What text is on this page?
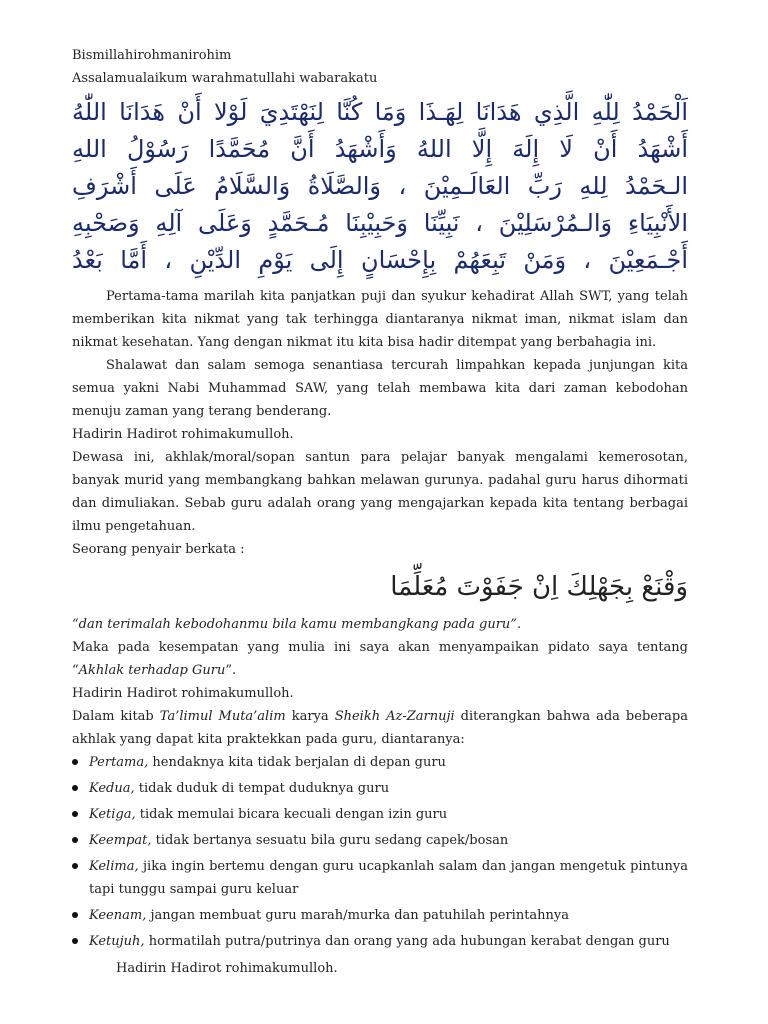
Bismillahirohmanirohim

Assalamualaikum warahmatullahi wabarakatu

اَلْحَمْدُ لِلّٰهِ الَّذِي هَدَانَا لِهَـذَا وَمَا كُنَّا لِنَهْتَدِيَ لَوْلا أَنْ هَدَانَا اللّٰهُ

أَشْهَدُ أَنْ لَا إِلَهَ إِلَّا اللهُ وَأَشْهَدُ أَنَّ مُحَمَّدًا رَسُوْلُ اللهِ

الـحَمْدُ لِلهِ رَبِّ العَالَـمِيْنَ ، وَالصَّلَاةُ وَالسَّلَامُ عَلَى أَشْرَفِ

الأَنْبِيَاءِ وَالـمُرْسَلِيْنَ ، نَبِيِّنَا وَحَبِيْبِنَا مُـحَمَّدٍ وَعَلَى آلِهِ وَصَحْبِهِ

أَجْـمَعِيْنَ ، وَمَنْ تَبِعَهُمْ بِإِحْسَانٍ إِلَى يَوْمِ الدِّيْنِ ، أَمَّا بَعْدُ

Pertama-tama marilah kita panjatkan puji dan syukur kehadirat Allah SWT, yang telah memberikan kita nikmat yang tak terhingga diantaranya nikmat iman, nikmat islam dan nikmat kesehatan. Yang dengan nikmat itu kita bisa hadir ditempat yang berbahagia ini.

Shalawat dan salam semoga senantiasa tercurah limpahkan kepada junjungan kita semua yakni Nabi Muhammad SAW, yang telah membawa kita dari zaman kebodohan menuju zaman yang terang benderang.

Hadirin Hadirot rohimakumulloh.

Dewasa ini, akhlak/moral/sopan santun para pelajar banyak mengalami kemerosotan, banyak murid yang membangkang bahkan melawan gurunya. padahal guru harus dihormati dan dimuliakan. Sebab guru adalah orang yang mengajarkan kepada kita tentang berbagai ilmu pengetahuan.

Seorang penyair berkata :

وَقْنَعْ بِجَهْلِكَ اِنْ جَفَوْتَ مُعَلِّمَا

“dan terimalah kebodohanmu bila kamu membangkang pada guru”.

Maka pada kesempatan yang mulia ini saya akan menyampaikan pidato saya tentang “Akhlak terhadap Guru”.

Hadirin Hadirot rohimakumulloh.

Dalam kitab Ta’limul Muta’alim karya Sheikh Az-Zarnuji diterangkan bahwa ada beberapa akhlak yang dapat kita praktekkan pada guru, diantaranya:

Pertama, hendaknya kita tidak berjalan di depan guru
Kedua, tidak duduk di tempat duduknya guru
Ketiga, tidak memulai bicara kecuali dengan izin guru
Keempat, tidak bertanya sesuatu bila guru sedang capek/bosan
Kelima, jika ingin bertemu dengan guru ucapkanlah salam dan jangan mengetuk pintunya tapi tunggu sampai guru keluar
Keenam, jangan membuat guru marah/murka dan patuhilah perintahnya
Ketujuh, hormatilah putra/putrinya dan orang yang ada hubungan kerabat dengan guru

Hadirin Hadirot rohimakumulloh.
